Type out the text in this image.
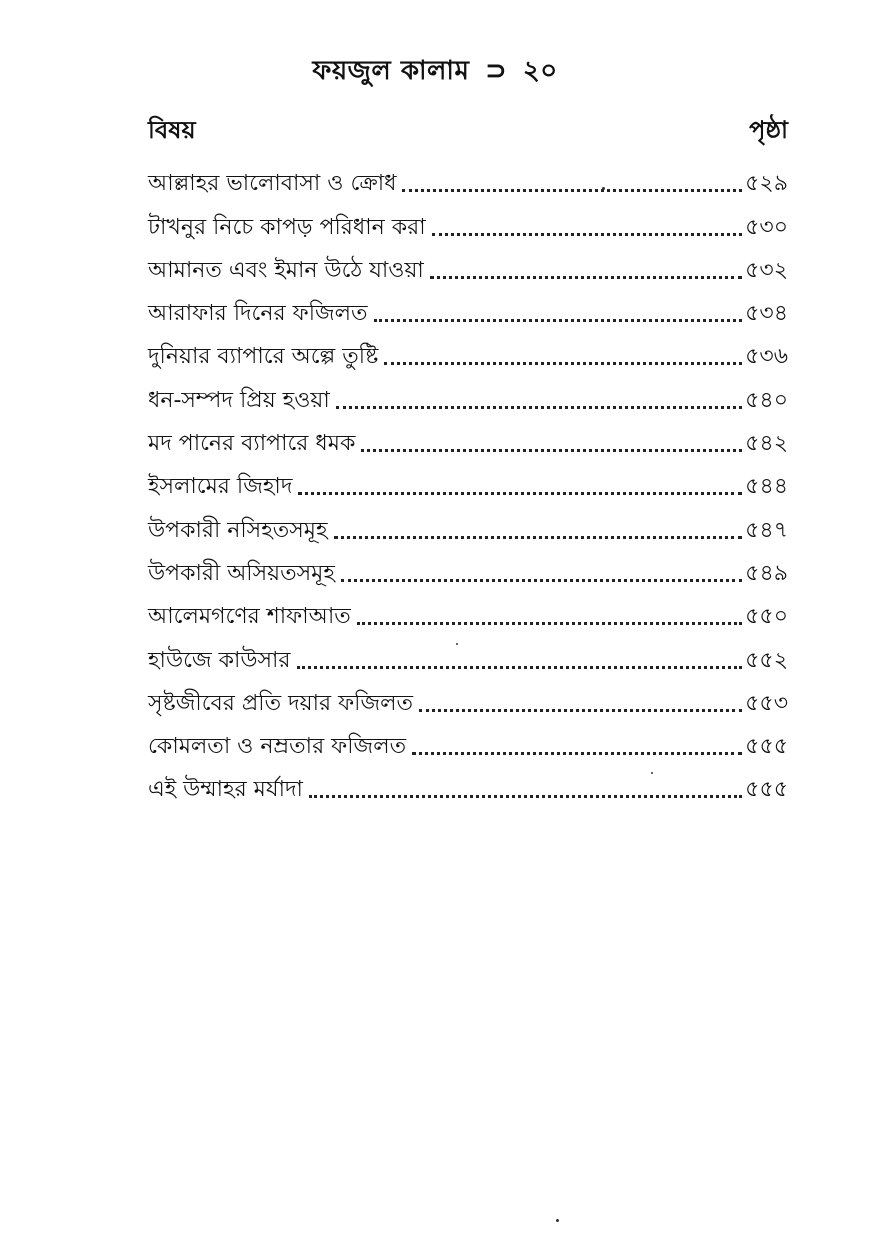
ফয়জুল কালাম ⊃ ২০
বিষয়	পৃষ্ঠা
আল্লাহর ভালোবাসা ও ক্রোধ	৫২৯
টাখনুর নিচে কাপড় পরিধান করা	৫৩০
আমানত এবং ইমান উঠে যাওয়া	৫৩২
আরাফার দিনের ফজিলত	৫৩৪
দুনিয়ার ব্যাপারে অল্পে তুষ্টি	৫৩৬
ধন-সম্পদ প্রিয় হওয়া	৫৪০
মদ পানের ব্যাপারে ধমক	৫৪২
ইসলামের জিহাদ	৫৪৪
উপকারী নসিহতসমূহ	৫৪৭
উপকারী অসিয়তসমূহ	৫৪৯
আলেমগণের শাফাআত	৫৫০
হাউজে কাউসার	৫৫২
সৃষ্টজীবের প্রতি দয়ার ফজিলত	৫৫৩
কোমলতা ও নম্রতার ফজিলত	৫৫৫
এই উম্মাহর মর্যাদা	৫৫৫
